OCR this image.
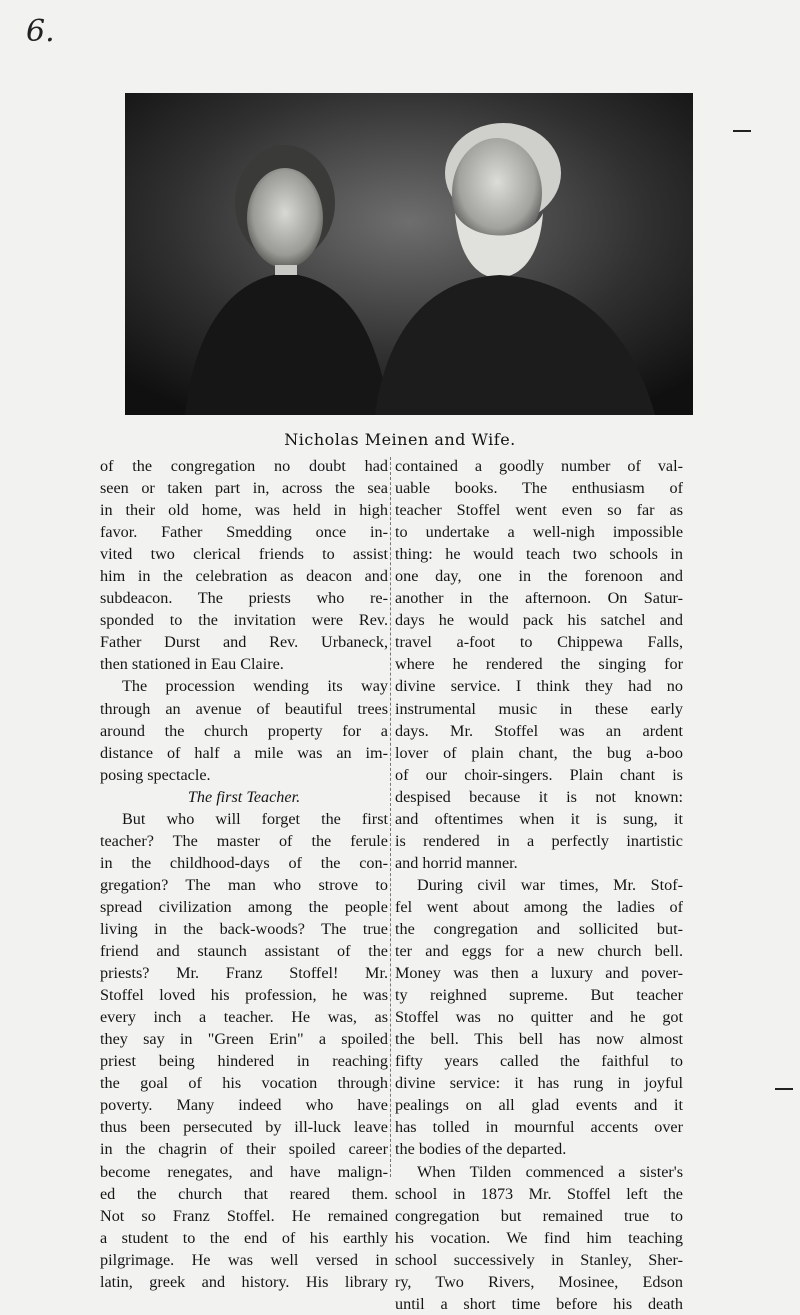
6.
Nicholas Meinen and Wife.
of the congregation no doubt had
seen or taken part in, across the sea
in their old home, was held in high
favor. Father Smedding once in-
vited two clerical friends to assist
him in the celebration as deacon and
subdeacon. The priests who re-
sponded to the invitation were Rev.
Father Durst and Rev. Urbaneck,
then stationed in Eau Claire.
The procession wending its way
through an avenue of beautiful trees
around the church property for a
distance of half a mile was an im-
posing spectacle.
The first Teacher.
But who will forget the first
teacher? The master of the ferule
in the childhood-days of the con-
gregation? The man who strove to
spread civilization among the people
living in the back-woods? The true
friend and staunch assistant of the
priests? Mr. Franz Stoffel! Mr.
Stoffel loved his profession, he was
every inch a teacher. He was, as
they say in "Green Erin" a spoiled
priest being hindered in reaching
the goal of his vocation through
poverty. Many indeed who have
thus been persecuted by ill-luck leave
in the chagrin of their spoiled career
become renegates, and have malign-
ed the church that reared them.
Not so Franz Stoffel. He remained
a student to the end of his earthly
pilgrimage. He was well versed in
latin, greek and history. His library
contained a goodly number of val-
uable books. The enthusiasm of
teacher Stoffel went even so far as
to undertake a well-nigh impossible
thing: he would teach two schools in
one day, one in the forenoon and
another in the afternoon. On Satur-
days he would pack his satchel and
travel a-foot to Chippewa Falls,
where he rendered the singing for
divine service. I think they had no
instrumental music in these early
days. Mr. Stoffel was an ardent
lover of plain chant, the bug a-boo
of our choir-singers. Plain chant is
despised because it is not known:
and oftentimes when it is sung, it
is rendered in a perfectly inartistic
and horrid manner.
During civil war times, Mr. Stof-
fel went about among the ladies of
the congregation and sollicited but-
ter and eggs for a new church bell.
Money was then a luxury and pover-
ty reighned supreme. But teacher
Stoffel was no quitter and he got
the bell. This bell has now almost
fifty years called the faithful to
divine service: it has rung in joyful
pealings on all glad events and it
has tolled in mournful accents over
the bodies of the departed.
When Tilden commenced a sister's
school in 1873 Mr. Stoffel left the
congregation but remained true to
his vocation. We find him teaching
school successively in Stanley, Sher-
ry, Two Rivers, Mosinee, Edson
until a short time before his death
